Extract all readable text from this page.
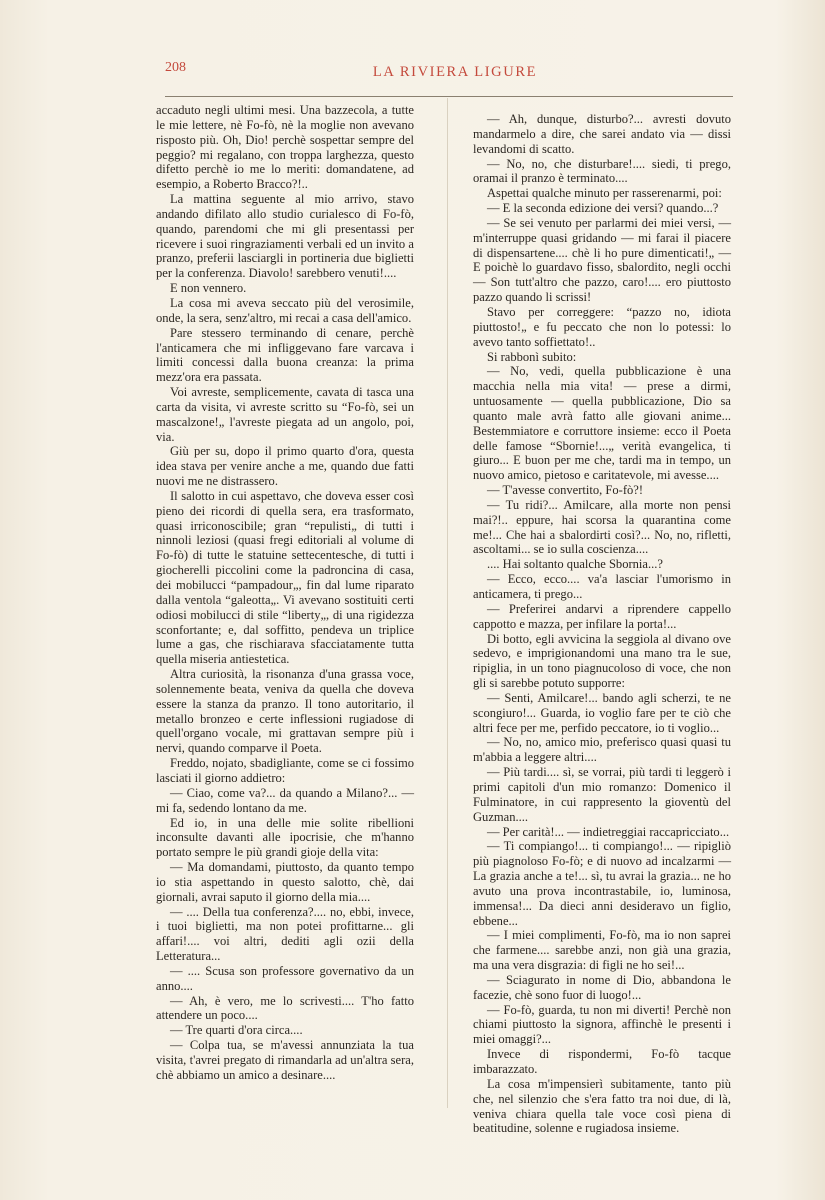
208	LA RIVIERA LIGURE

accaduto negli ultimi mesi. Una bazzecola, a tutte le mie lettere, nè Fo-fò, nè la moglie non avevano risposto più. Oh, Dio! perchè sospettar sempre del peggio? mi regalano, con troppa larghezza, questo difetto perchè io me lo meriti: domandatene, ad esempio, a Roberto Bracco?!..

La mattina seguente al mio arrivo, stavo andando difilato allo studio curialesco di Fo-fò, quando, parendomi che mi gli presentassi per ricevere i suoi ringraziamenti verbali ed un invito a pranzo, preferii lasciargli in portineria due biglietti per la conferenza. Diavolo! sarebbero venuti!....

E non vennero.

La cosa mi aveva seccato più del verosimile, onde, la sera, senz'altro, mi recai a casa dell'amico.

Pare stessero terminando di cenare, perchè l'anticamera che mi infliggevano fare varcava i limiti concessi dalla buona creanza: la prima mezz'ora era passata.

Voi avreste, semplicemente, cavata di tasca una carta da visita, vi avreste scritto su “Fo-fò, sei un mascalzone!„ l'avreste piegata ad un angolo, poi, via.

Giù per su, dopo il primo quarto d'ora, questa idea stava per venire anche a me, quando due fatti nuovi me ne distrassero.

Il salotto in cui aspettavo, che doveva esser così pieno dei ricordi di quella sera, era trasformato, quasi irriconoscibile; gran “repulisti„ di tutti i ninnoli leziosi (quasi fregi editoriali al volume di Fo-fò) di tutte le statuine settecentesche, di tutti i giocherelli piccolini come la padroncina di casa, dei mobilucci “pampadour„, fin dal lume riparato dalla ventola “galeotta„. Vi avevano sostituiti certi odiosi mobilucci di stile “liberty„, di una rigidezza sconfortante; e, dal soffitto, pendeva un triplice lume a gas, che rischiarava sfacciatamente tutta quella miseria antiestetica.

Altra curiosità, la risonanza d'una grassa voce, solennemente beata, veniva da quella che doveva essere la stanza da pranzo. Il tono autoritario, il metallo bronzeo e certe inflessioni rugiadose di quell'organo vocale, mi grattavan sempre più i nervi, quando comparve il Poeta.

Freddo, nojato, sbadigliante, come se ci fossimo lasciati il giorno addietro:

— Ciao, come va?... da quando a Milano?... — mi fa, sedendo lontano da me.

Ed io, in una delle mie solite ribellioni inconsulte davanti alle ipocrisie, che m'hanno portato sempre le più grandi gioje della vita:

— Ma domandami, piuttosto, da quanto tempo io stia aspettando in questo salotto, chè, dai giornali, avrai saputo il giorno della mia....

— .... Della tua conferenza?.... no, ebbi, invece, i tuoi biglietti, ma non potei profittarne... gli affari!.... voi altri, dediti agli ozii della Letteratura...

— .... Scusa son professore governativo da un anno....

— Ah, è vero, me lo scrivesti.... T'ho fatto attendere un poco....

— Tre quarti d'ora circa....

— Colpa tua, se m'avessi annunziata la tua visita, t'avrei pregato di rimandarla ad un'altra sera, chè abbiamo un amico a desinare....

— Ah, dunque, disturbo?... avresti dovuto mandarmelo a dire, che sarei andato via — dissi levandomi di scatto.

— No, no, che disturbare!.... siedi, ti prego, oramai il pranzo è terminato....

Aspettai qualche minuto per rasserenarmi, poi:

— E la seconda edizione dei versi? quando...?

— Se sei venuto per parlarmi dei miei versi, — m'interruppe quasi gridando — mi farai il piacere di dispensartene.... chè li ho pure dimenticati!„ — E poichè lo guardavo fisso, sbalordito, negli occhi — Son tutt'altro che pazzo, caro!.... ero piuttosto pazzo quando li scrissi!

Stavo per correggere: “pazzo no, idiota piuttosto!„ e fu peccato che non lo potessi: lo avevo tanto soffiettato!..

Si rabbonì subito:

— No, vedi, quella pubblicazione è una macchia nella mia vita! — prese a dirmi, untuosamente — quella pubblicazione, Dio sa quanto male avrà fatto alle giovani anime... Bestemmiatore e corruttore insieme: ecco il Poeta delle famose “Sbornie!...„ verità evangelica, ti giuro... E buon per me che, tardi ma in tempo, un nuovo amico, pietoso e caritatevole, mi avesse....

— T'avesse convertito, Fo-fò?!

— Tu ridi?... Amilcare, alla morte non pensi mai?!.. eppure, hai scorsa la quarantina come me!... Che hai a sbalordirti così?... No, no, rifletti, ascoltami... se io sulla coscienza....

.... Hai soltanto qualche Sbornia...?

— Ecco, ecco.... va'a lasciar l'umorismo in anticamera, ti prego...

— Preferirei andarvi a riprendere cappello cappotto e mazza, per infilare la porta!...

Di botto, egli avvicina la seggiola al divano ove sedevo, e imprigionandomi una mano tra le sue, ripiglia, in un tono piagnucoloso di voce, che non gli si sarebbe potuto supporre:

— Senti, Amilcare!... bando agli scherzi, te ne scongiuro!... Guarda, io voglio fare per te ciò che altri fece per me, perfido peccatore, io ti voglio...

— No, no, amico mio, preferisco quasi quasi tu m'abbia a leggere altri....

— Più tardi.... sì, se vorrai, più tardi ti leggerò i primi capitoli d'un mio romanzo: Domenico il Fulminatore, in cui rappresento la gioventù del Guzman....

— Per carità!... — indietreggiai raccapricciato...

— Ti compiango!... ti compiango!... — ripigliò più piagnoloso Fo-fò; e di nuovo ad incalzarmi — La grazia anche a te!... sì, tu avrai la grazia... ne ho avuto una prova incontrastabile, io, luminosa, immensa!... Da dieci anni desideravo un figlio, ebbene...

— I miei complimenti, Fo-fò, ma io non saprei che farmene.... sarebbe anzi, non già una grazia, ma una vera disgrazia: di figli ne ho sei!...

— Sciagurato in nome di Dio, abbandona le facezie, chè sono fuor di luogo!...

— Fo-fò, guarda, tu non mi diverti! Perchè non chiami piuttosto la signora, affinchè le presenti i miei omaggi?...

Invece di rispondermi, Fo-fò tacque imbarazzato.

La cosa m'impensierì subitamente, tanto più che, nel silenzio che s'era fatto tra noi due, di là, veniva chiara quella tale voce così piena di beatitudine, solenne e rugiadosa insieme.
